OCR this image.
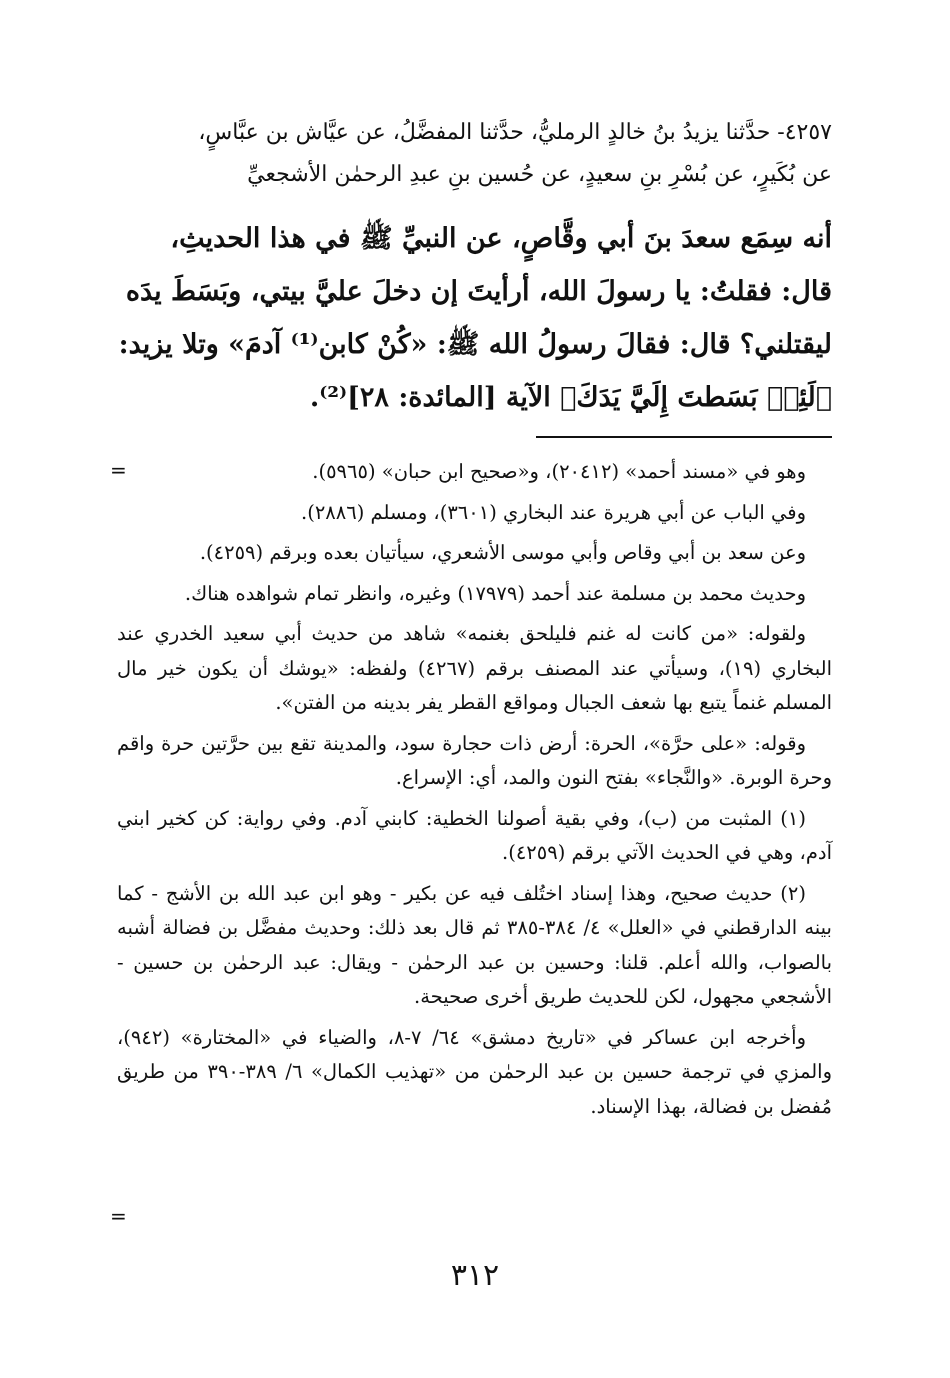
٤٢٥٧- حدَّثنا يزيدُ بنُ خالدٍ الرمليُّ، حدَّثنا المفضَّلُ، عن عيَّاش بن عبَّاسٍ،

عن بُكَيرٍ، عن بُسْرِ بنِ سعيدٍ، عن حُسين بنِ عبدِ الرحمٰن الأشجعيِّ

أنه سِمَع سعدَ بنَ أبي وقَّاصٍ، عن النبيِّ ﷺ في هذا الحديثِ،

قال: فقلتُ: يا رسولَ الله، أرأيتَ إن دخلَ عليَّ بيتي، وبَسَطَ يدَه

ليقتلني؟ قال: فقالَ رسولُ الله ﷺ: «كُنْ كابن⁽¹⁾ آدمَ» وتلا يزيد:

﴿لَئِنۢ بَسَطتَ إِلَيَّ يَدَكَ﴾ الآية [المائدة: ٢٨]⁽²⁾.

=	وهو في «مسند أحمد» (٢٠٤١٢)، و«صحيح ابن حبان» (٥٩٦٥).

وفي الباب عن أبي هريرة عند البخاري (٣٦٠١)، ومسلم (٢٨٨٦).

وعن سعد بن أبي وقاص وأبي موسى الأشعري، سيأتيان بعده وبرقم (٤٢٥٩).

وحديث محمد بن مسلمة عند أحمد (١٧٩٧٩) وغيره، وانظر تمام شواهده هناك.

ولقوله: «من كانت له غنم فليلحق بغنمه» شاهد من حديث أبي سعيد الخدري عند البخاري (١٩)، وسيأتي عند المصنف برقم (٤٢٦٧) ولفظه: «يوشك أن يكون خير مال المسلم غنماً يتبع بها شعف الجبال ومواقع القطر يفر بدينه من الفتن».

وقوله: «على حرَّة»، الحرة: أرض ذات حجارة سود، والمدينة تقع بين حرَّتين حرة واقم وحرة الوبرة. «والنَّجاء» بفتح النون والمد، أي: الإسراع.

(١) المثبت من (ب)، وفي بقية أصولنا الخطية: كابني آدم. وفي رواية: كن كخير ابني آدم، وهي في الحديث الآتي برقم (٤٢٥٩).

(٢) حديث صحيح، وهذا إسناد اختُلف فيه عن بكير - وهو ابن عبد الله بن الأشج - كما بينه الدارقطني في «العلل» ٤/ ٣٨٤-٣٨٥ ثم قال بعد ذلك: وحديث مفضَّل بن فضالة أشبه بالصواب، والله أعلم. قلنا: وحسين بن عبد الرحمٰن - ويقال: عبد الرحمٰن بن حسين - الأشجعي مجهول، لكن للحديث طريق أخرى صحيحة.

وأخرجه ابن عساكر في «تاريخ دمشق» ٦٤/ ٧-٨، والضياء في «المختارة» (٩٤٢)، والمزي في ترجمة حسين بن عبد الرحمٰن من «تهذيب الكمال» ٦/ ٣٨٩-٣٩٠ من طريق مُفضل بن فضالة، بهذا الإسناد.

=
٣١٢
